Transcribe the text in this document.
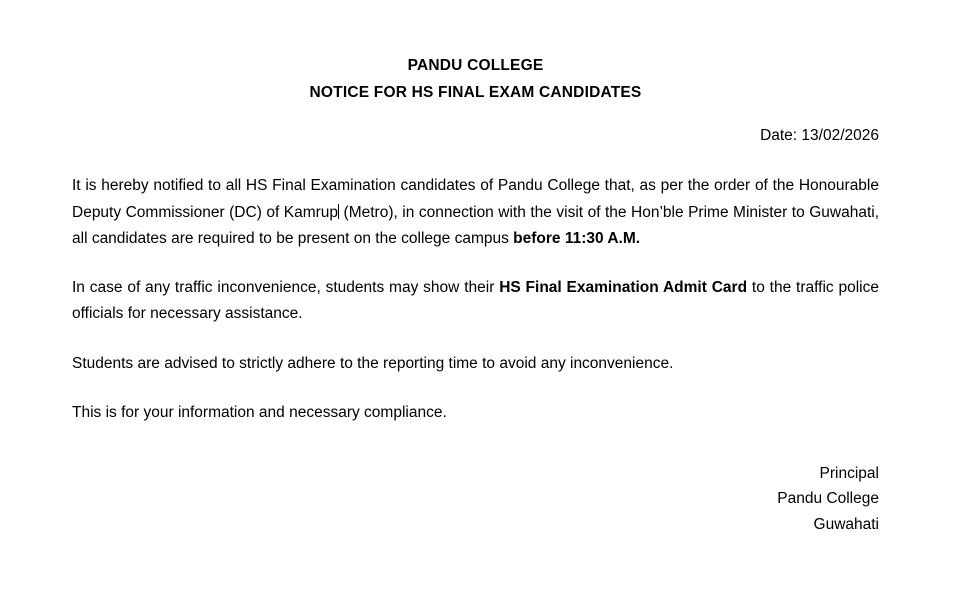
PANDU COLLEGE
NOTICE FOR HS FINAL EXAM CANDIDATES
Date: 13/02/2026

It is hereby notified to all HS Final Examination candidates of Pandu College that, as per the order of the Honourable Deputy Commissioner (DC) of Kamrup (Metro), in connection with the visit of the Hon’ble Prime Minister to Guwahati, all candidates are required to be present on the college campus before 11:30 A.M.

In case of any traffic inconvenience, students may show their HS Final Examination Admit Card to the traffic police officials for necessary assistance.

Students are advised to strictly adhere to the reporting time to avoid any inconvenience.

This is for your information and necessary compliance.

Principal
Pandu College
Guwahati
